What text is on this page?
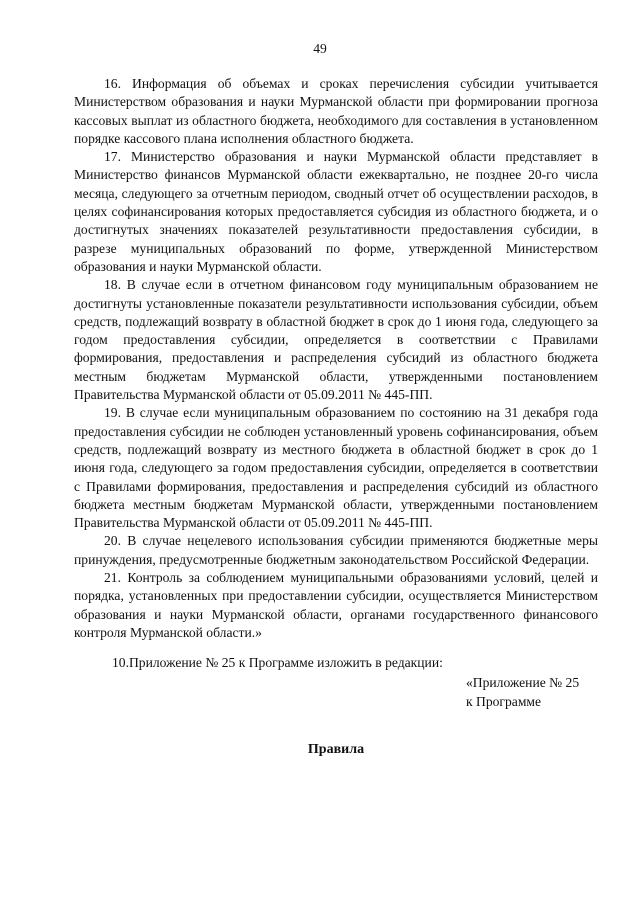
49

16. Информация об объемах и сроках перечисления субсидии учитывается Министерством образования и науки Мурманской области при формировании прогноза кассовых выплат из областного бюджета, необходимого для составления в установленном порядке кассового плана исполнения областного бюджета.

17. Министерство образования и науки Мурманской области представляет в Министерство финансов Мурманской области ежеквартально, не позднее 20-го числа месяца, следующего за отчетным периодом, сводный отчет об осуществлении расходов, в целях софинансирования которых предоставляется субсидия из областного бюджета, и о достигнутых значениях показателей результативности предоставления субсидии, в разрезе муниципальных образований по форме, утвержденной Министерством образования и науки Мурманской области.

18. В случае если в отчетном финансовом году муниципальным образованием не достигнуты установленные показатели результативности использования субсидии, объем средств, подлежащий возврату в областной бюджет в срок до 1 июня года, следующего за годом предоставления субсидии, определяется в соответствии с Правилами формирования, предоставления и распределения субсидий из областного бюджета местным бюджетам Мурманской области, утвержденными постановлением Правительства Мурманской области от 05.09.2011 № 445-ПП.

19. В случае если муниципальным образованием по состоянию на 31 декабря года предоставления субсидии не соблюден установленный уровень софинансирования, объем средств, подлежащий возврату из местного бюджета в областной бюджет в срок до 1 июня года, следующего за годом предоставления субсидии, определяется в соответствии с Правилами формирования, предоставления и распределения субсидий из областного бюджета местным бюджетам Мурманской области, утвержденными постановлением Правительства Мурманской области от 05.09.2011 № 445-ПП.

20. В случае нецелевого использования субсидии применяются бюджетные меры принуждения, предусмотренные бюджетным законодательством Российской Федерации.

21. Контроль за соблюдением муниципальными образованиями условий, целей и порядка, установленных при предоставлении субсидии, осуществляется Министерством образования и науки Мурманской области, органами государственного финансового контроля Мурманской области.»

10.Приложение № 25 к Программе изложить в редакции:

«Приложение № 25

к Программе

Правила
